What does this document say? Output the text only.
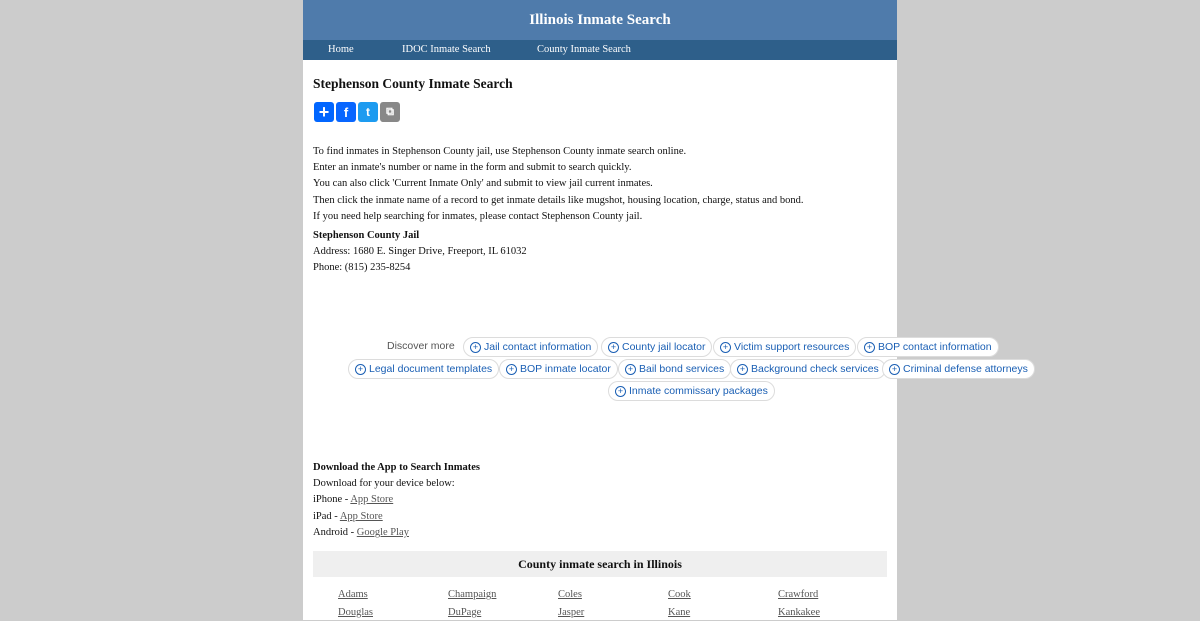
Illinois Inmate Search
Home	IDOC Inmate Search	County Inmate Search
Stephenson County Inmate Search
+	f	t	⧉

To find inmates in Stephenson County jail, use Stephenson County inmate search online.

Enter an inmate's number or name in the form and submit to search quickly.

You can also click 'Current Inmate Only' and submit to view jail current inmates.

Then click the inmate name of a record to get inmate details like mugshot, housing location, charge, status and bond.

If you need help searching for inmates, please contact Stephenson County jail.

Stephenson County Jail
Address: 1680 E. Singer Drive, Freeport, IL 61032
Phone: (815) 235-8254
Discover more	+ Jail contact information	+ County jail locator	+ Victim support resources	+ BOP contact information
+ Legal document templates	+ BOP inmate locator	+ Bail bond services	+ Background check services	+ Criminal defense attorneys
+ Inmate commissary packages
Download the App to Search Inmates
Download for your device below:
iPhone - App Store
iPad - App Store
Android - Google Play
County inmate search in Illinois
Adams	Champaign	Coles	Cook	Crawford
Douglas	DuPage	Jasper	Kane	Kankakee
